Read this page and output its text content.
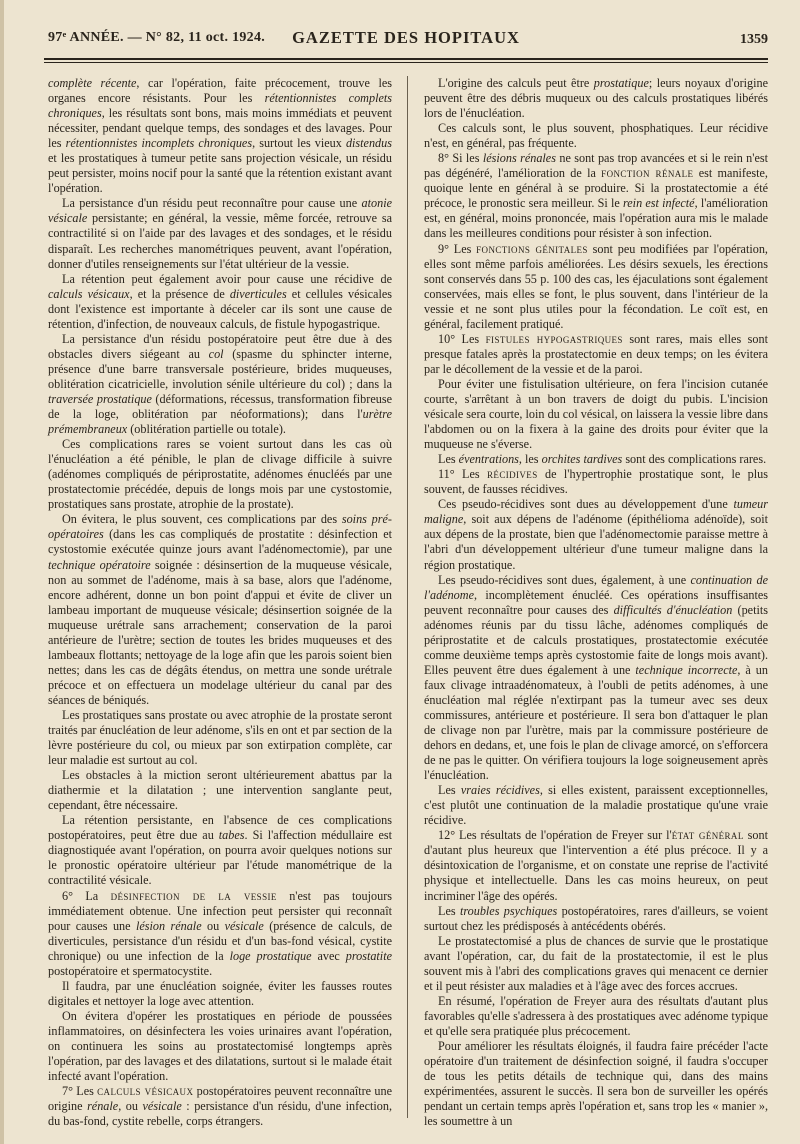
97ᵉ ANNÉE. — N° 82, 11 oct. 1924.	GAZETTE DES HOPITAUX	1359

complète récente, car l'opération, faite précocement, trouve les organes encore résistants. Pour les rétentionnistes complets chroniques, les résultats sont bons, mais moins immédiats et peuvent nécessiter, pendant quelque temps, des sondages et des lavages. Pour les rétentionnistes incomplets chroniques, surtout les vieux distendus et les prostatiques à tumeur petite sans projection vésicale, un résidu peut persister, moins nocif pour la santé que la rétention existant avant l'opération.

La persistance d'un résidu peut reconnaître pour cause une atonie vésicale persistante; en général, la vessie, même forcée, retrouve sa contractilité si on l'aide par des lavages et des sondages, et le résidu disparaît. Les recherches manométriques peuvent, avant l'opération, donner d'utiles renseignements sur l'état ultérieur de la vessie.

La rétention peut également avoir pour cause une récidive de calculs vésicaux, et la présence de diverticules et cellules vésicales dont l'existence est importante à déceler car ils sont une cause de rétention, d'infection, de nouveaux calculs, de fistule hypogastrique.

La persistance d'un résidu postopératoire peut être due à des obstacles divers siégeant au col (spasme du sphincter interne, présence d'une barre transversale postérieure, brides muqueuses, oblitération cicatricielle, involution sénile ultérieure du col) ; dans la traversée prostatique (déformations, récessus, transformation fibreuse de la loge, oblitération par néoformations); dans l'urètre prémembraneux (oblitération partielle ou totale).

Ces complications rares se voient surtout dans les cas où l'énucléation a été pénible, le plan de clivage difficile à suivre (adénomes compliqués de périprostatite, adénomes énucléés par une prostatectomie précédée, depuis de longs mois par une cystostomie, prostatiques sans prostate, atrophie de la prostate).

On évitera, le plus souvent, ces complications par des soins pré-opératoires (dans les cas compliqués de prostatite : désinfection et cystostomie exécutée quinze jours avant l'adénomectomie), par une technique opératoire soignée : désinsertion de la muqueuse vésicale, non au sommet de l'adénome, mais à sa base, alors que l'adénome, encore adhérent, donne un bon point d'appui et évite de cliver un lambeau important de muqueuse vésicale; désinsertion soignée de la muqueuse urétrale sans arrachement; conservation de la paroi antérieure de l'urètre; section de toutes les brides muqueuses et des lambeaux flottants; nettoyage de la loge afin que les parois soient bien nettes; dans les cas de dégâts étendus, on mettra une sonde urétrale précoce et on effectuera un modelage ultérieur du canal par des séances de béniqués.

Les prostatiques sans prostate ou avec atrophie de la prostate seront traités par énucléation de leur adénome, s'ils en ont et par section de la lèvre postérieure du col, ou mieux par son extirpation complète, car leur maladie est surtout au col.

Les obstacles à la miction seront ultérieurement abattus par la diathermie et la dilatation ; une intervention sanglante peut, cependant, être nécessaire.

La rétention persistante, en l'absence de ces complications postopératoires, peut être due au tabes. Si l'affection médullaire est diagnostiquée avant l'opération, on pourra avoir quelques notions sur le pronostic opératoire ultérieur par l'étude manométrique de la contractilité vésicale.

6° La désinfection de la vessie n'est pas toujours immédiatement obtenue. Une infection peut persister qui reconnaît pour causes une lésion rénale ou vésicale (présence de calculs, de diverticules, persistance d'un résidu et d'un bas-fond vésical, cystite chronique) ou une infection de la loge prostatique avec prostatite postopératoire et spermatocystite.

Il faudra, par une énucléation soignée, éviter les fausses routes digitales et nettoyer la loge avec attention.

On évitera d'opérer les prostatiques en période de poussées inflammatoires, on désinfectera les voies urinaires avant l'opération, on continuera les soins au prostatectomisé longtemps après l'opération, par des lavages et des dilatations, surtout si le malade était infecté avant l'opération.

7° Les calculs vésicaux postopératoires peuvent reconnaître une origine rénale, ou vésicale : persistance d'un résidu, d'une infection, du bas-fond, cystite rebelle, corps étrangers.

L'origine des calculs peut être prostatique; leurs noyaux d'origine peuvent être des débris muqueux ou des calculs prostatiques libérés lors de l'énucléation.

Ces calculs sont, le plus souvent, phosphatiques. Leur récidive n'est, en général, pas fréquente.

8° Si les lésions rénales ne sont pas trop avancées et si le rein n'est pas dégénéré, l'amélioration de la fonction rénale est manifeste, quoique lente en général à se produire. Si la prostatectomie a été précoce, le pronostic sera meilleur. Si le rein est infecté, l'amélioration est, en général, moins prononcée, mais l'opération aura mis le malade dans les meilleures conditions pour résister à son infection.

9° Les fonctions génitales sont peu modifiées par l'opération, elles sont même parfois améliorées. Les désirs sexuels, les érections sont conservés dans 55 p. 100 des cas, les éjaculations sont également conservées, mais elles se font, le plus souvent, dans l'intérieur de la vessie et ne sont plus utiles pour la fécondation. Le coït est, en général, facilement pratiqué.

10° Les fistules hypogastriques sont rares, mais elles sont presque fatales après la prostatectomie en deux temps; on les évitera par le décollement de la vessie et de la paroi.

Pour éviter une fistulisation ultérieure, on fera l'incision cutanée courte, s'arrêtant à un bon travers de doigt du pubis. L'incision vésicale sera courte, loin du col vésical, on laissera la vessie libre dans l'abdomen ou on la fixera à la gaine des droits pour éviter que la muqueuse ne s'éverse.

Les éventrations, les orchites tardives sont des complications rares.

11° Les récidives de l'hypertrophie prostatique sont, le plus souvent, de fausses récidives.

Ces pseudo-récidives sont dues au développement d'une tumeur maligne, soit aux dépens de l'adénome (épithélioma adénoïde), soit aux dépens de la prostate, bien que l'adénomectomie paraisse mettre à l'abri d'un développement ultérieur d'une tumeur maligne dans la région prostatique.

Les pseudo-récidives sont dues, également, à une continuation de l'adénome, incomplètement énucléé. Ces opérations insuffisantes peuvent reconnaître pour causes des difficultés d'énucléation (petits adénomes réunis par du tissu lâche, adénomes compliqués de périprostatite et de calculs prostatiques, prostatectomie exécutée comme deuxième temps après cystostomie faite de longs mois avant). Elles peuvent être dues également à une technique incorrecte, à un faux clivage intraadénomateux, à l'oubli de petits adénomes, à une énucléation mal réglée n'extirpant pas la tumeur avec ses deux commissures, antérieure et postérieure. Il sera bon d'attaquer le plan de clivage non par l'urètre, mais par la commissure postérieure de dehors en dedans, et, une fois le plan de clivage amorcé, on s'efforcera de ne pas le quitter. On vérifiera toujours la loge soigneusement après l'énucléation.

Les vraies récidives, si elles existent, paraissent exceptionnelles, c'est plutôt une continuation de la maladie prostatique qu'une vraie récidive.

12° Les résultats de l'opération de Freyer sur l'état général sont d'autant plus heureux que l'intervention a été plus précoce. Il y a désintoxication de l'organisme, et on constate une reprise de l'activité physique et intellectuelle. Dans les cas moins heureux, on peut incriminer l'âge des opérés.

Les troubles psychiques postopératoires, rares d'ailleurs, se voient surtout chez les prédisposés à antécédents obérés.

Le prostatectomisé a plus de chances de survie que le prostatique avant l'opération, car, du fait de la prostatectomie, il est le plus souvent mis à l'abri des complications graves qui menacent ce dernier et il peut résister aux maladies et à l'âge avec des forces accrues.

En résumé, l'opération de Freyer aura des résultats d'autant plus favorables qu'elle s'adressera à des prostatiques avec adénome typique et qu'elle sera pratiquée plus précocement.

Pour améliorer les résultats éloignés, il faudra faire précéder l'acte opératoire d'un traitement de désinfection soigné, il faudra s'occuper de tous les petits détails de technique qui, dans des mains expérimentées, assurent le succès. Il sera bon de surveiller les opérés pendant un certain temps après l'opération et, sans trop les « manier », les soumettre à un
